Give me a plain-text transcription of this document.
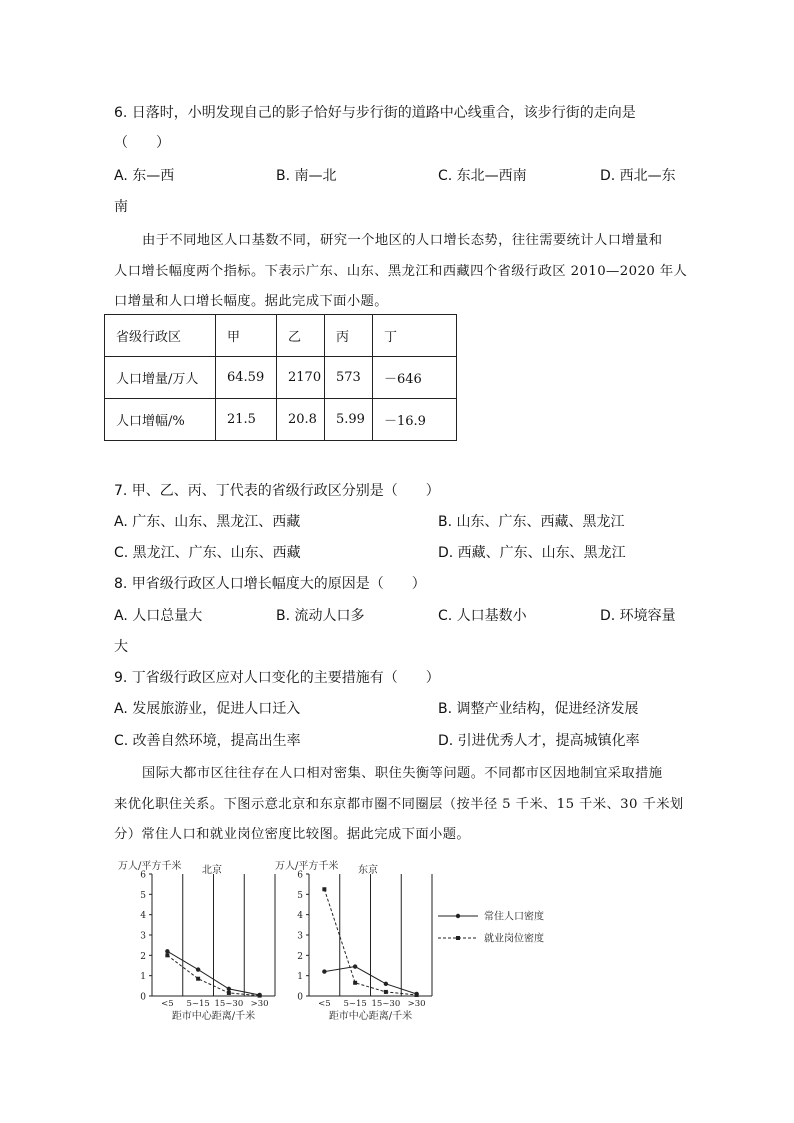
6. 日落时，小明发现自己的影子恰好与步行街的道路中心线重合，该步行街的走向是
（　　）
A. 东—西	B. 南—北	C. 东北—西南	D. 西北—东
南
由于不同地区人口基数不同，研究一个地区的人口增长态势，往往需要统计人口增量和
人口增长幅度两个指标。下表示广东、山东、黑龙江和西藏四个省级行政区 2010—2020 年人
口增量和人口增长幅度。据此完成下面小题。
省级行政区	甲	乙	丙	丁
人口增量/万人	64.59	2170	573	－646
人口增幅/%	21.5	20.8	5.99	－16.9
7. 甲、乙、丙、丁代表的省级行政区分别是（　　）
A. 广东、山东、黑龙江、西藏	B. 山东、广东、西藏、黑龙江
C. 黑龙江、广东、山东、西藏	D. 西藏、广东、山东、黑龙江
8. 甲省级行政区人口增长幅度大的原因是（　　）
A. 人口总量大	B. 流动人口多	C. 人口基数小	D. 环境容量
大
9. 丁省级行政区应对人口变化的主要措施有（　　）
A. 发展旅游业，促进人口迁入	B. 调整产业结构，促进经济发展
C. 改善自然环境，提高出生率	D. 引进优秀人才，提高城镇化率
国际大都市区往往存在人口相对密集、职住失衡等问题。不同都市区因地制宜采取措施
来优化职住关系。下图示意北京和东京都市圈不同圈层（按半径 5 千米、15 千米、30 千米划
分）常住人口和就业岗位密度比较图。据此完成下面小题。
万人/平方千米 北京
0
1
2
3
4
5
6
<5 5~15 15~30 >30
距市中心距离/千米
万人/平方千米 东京
0
1
2
3
4
5
6
<5 5~15 15~30 >30
距市中心距离/千米
常住人口密度
就业岗位密度
